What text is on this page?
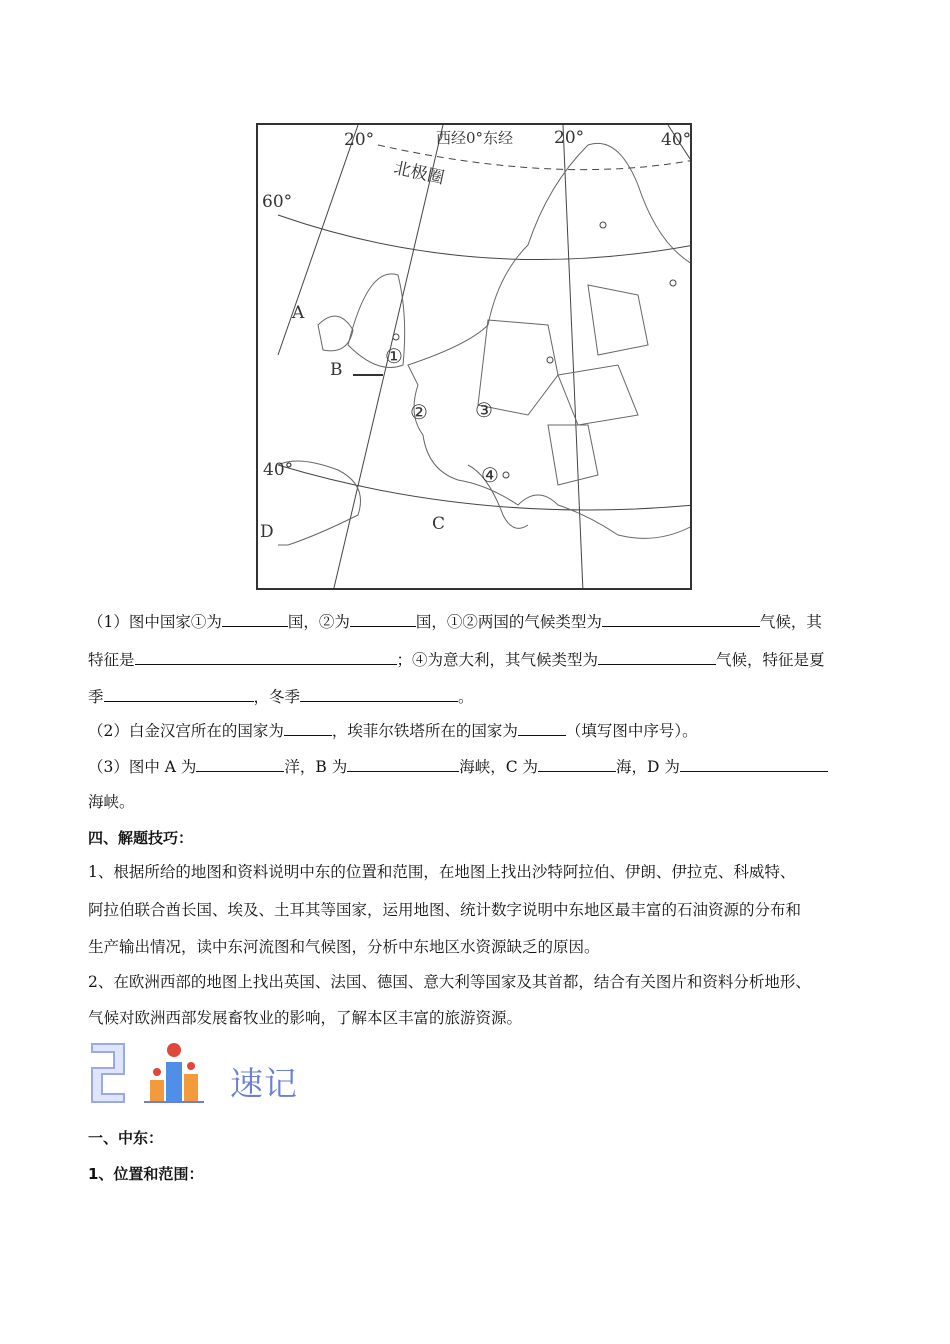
20°	西经0°东经 20°	40°
北极圈
60°
40°
A
B
C
D
①
② ③
④
（1）图中国家①为	国，②为	国，①②两国的气候类型为	气候，其
特征是	；④为意大利，其气候类型为	气候，特征是夏
季	，冬季	。
（2）白金汉宫所在的国家为	，埃菲尔铁塔所在的国家为	（填写图中序号）。
（3）图中 A 为	洋，B 为	海峡，C 为	海，D 为
海峡。
四、解题技巧：
1、根据所给的地图和资料说明中东的位置和范围，在地图上找出沙特阿拉伯、伊朗、伊拉克、科威特、
阿拉伯联合酋长国、埃及、土耳其等国家，运用地图、统计数字说明中东地区最丰富的石油资源的分布和
生产输出情况，读中东河流图和气候图，分析中东地区水资源缺乏的原因。
2、在欧洲西部的地图上找出英国、法国、德国、意大利等国家及其首都，结合有关图片和资料分析地形、
气候对欧洲西部发展畜牧业的影响，了解本区丰富的旅游资源。
速记
一、中东：
1、位置和范围：
